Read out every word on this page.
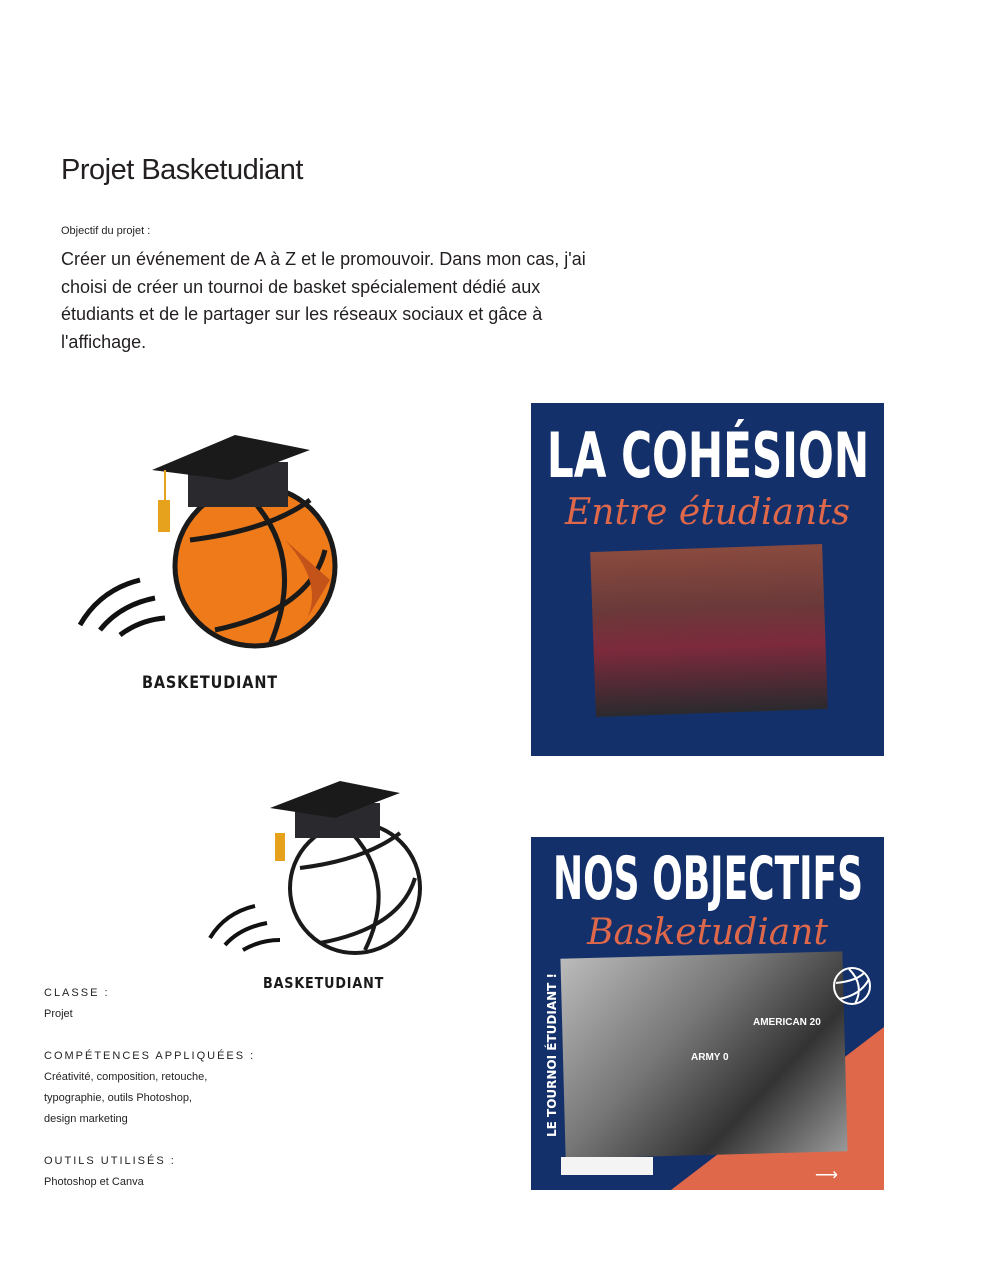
Projet Basketudiant
Objectif du projet :
Créer un événement de A à Z et le promouvoir. Dans mon cas, j'ai choisi de créer un tournoi de basket spécialement dédié aux étudiants et de le partager sur les réseaux sociaux et gâce à l'affichage.
BASKETUDIANT
BASKETUDIANT
LA COHÉSION
Entre étudiants
NOS OBJECTIFS
Basketudiant
LE TOURNOI ÉTUDIANT !	ARMY 0
AMERICAN 20
⟶
CLASSE :
Projet
COMPÉTENCES APPLIQUÉES :
Créativité, composition, retouche,
typographie, outils Photoshop,
design marketing
OUTILS UTILISÉS :
Photoshop et Canva
